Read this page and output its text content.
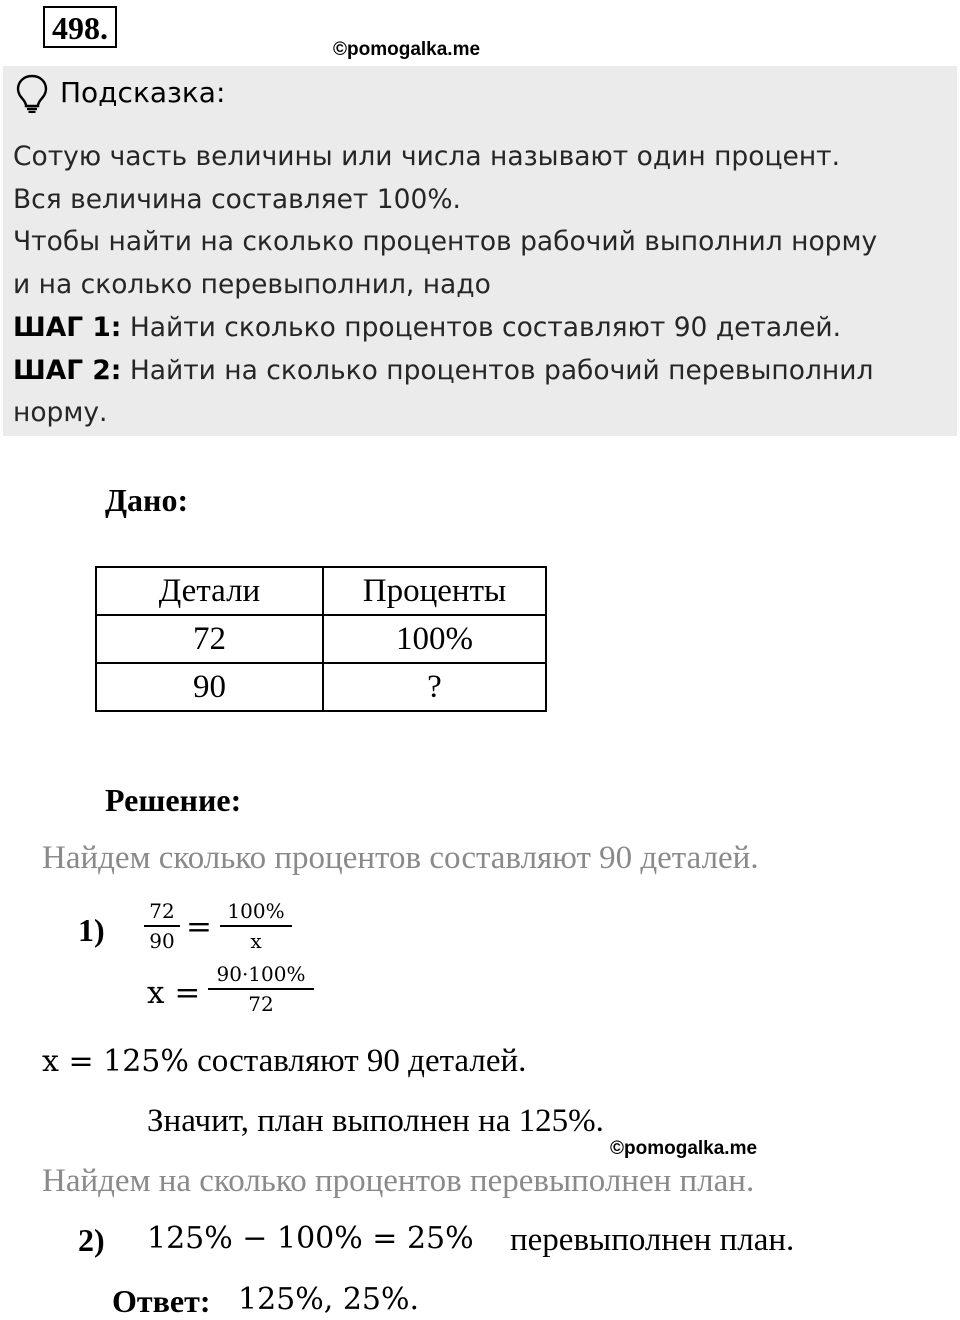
498.
©pomogalka.me
Подсказка:
Сотую часть величины или числа называют один процент.
Вся величина составляет 100%.
Чтобы найти на сколько процентов рабочий выполнил норму
и на сколько перевыполнил, надо
ШАГ 1: Найти сколько процентов составляют 90 деталей.
ШАГ 2: Найти на сколько процентов рабочий перевыполнил
норму.
Дано:
Детали	Проценты
72	100%
90	?
Решение:
Найдем сколько процентов составляют 90 деталей.
$1) \frac{72}{90} = \frac{100\%}{x}$
$x = \frac{90\cdot 100\%}{72}$
x = 125% составляют 90 деталей.
Значит, план выполнен на 125%.
©pomogalka.me
Найдем на сколько процентов перевыполнен план.
2) 125% − 100% = 25% перевыполнен план.
Ответ: 125%, 25%.
